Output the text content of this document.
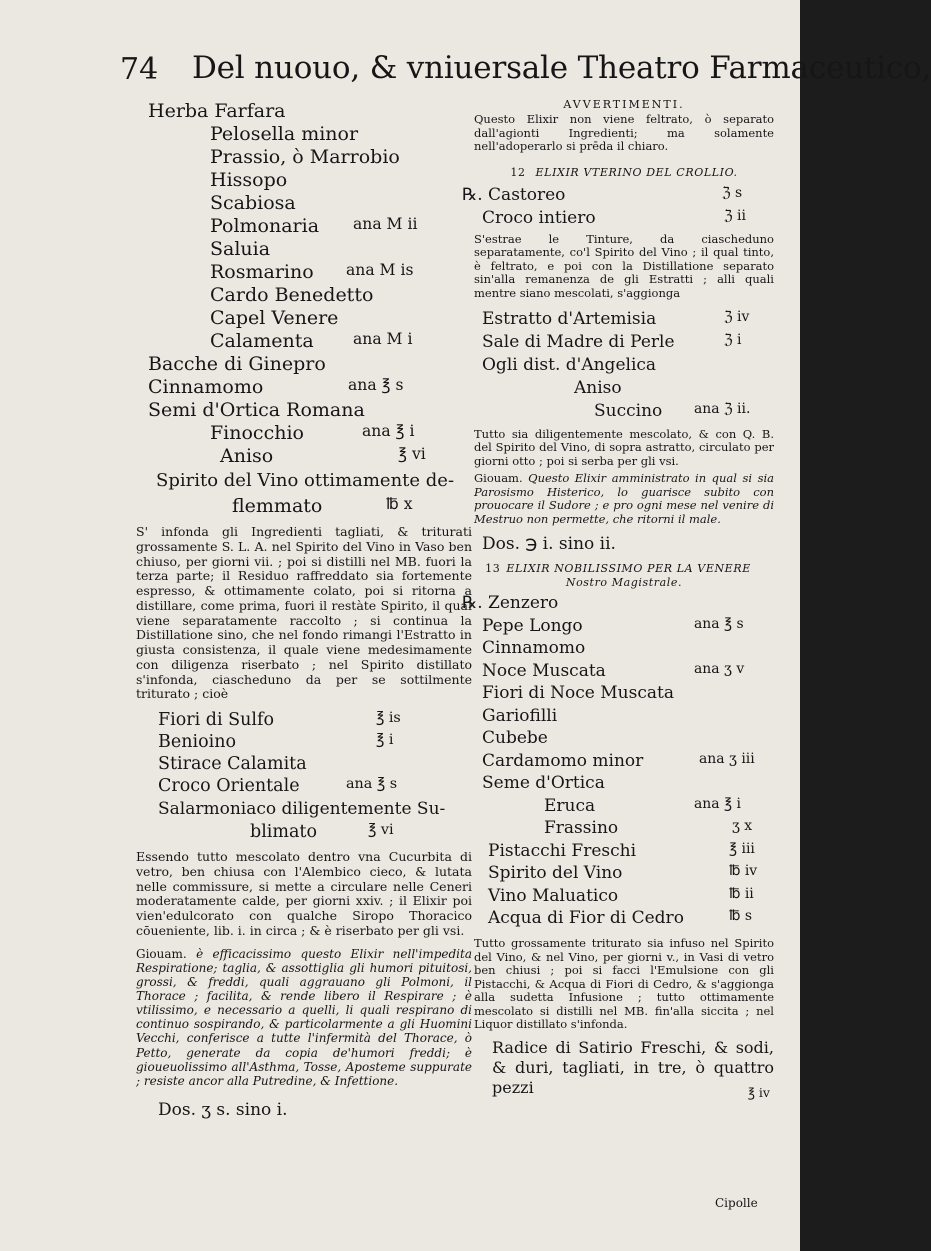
74 Del nuouo, & vniuersale Theatro Farmaceutico,
Herba Farfara
Pelosella minor
Prassio, ò Marrobio
Hissopo
Scabiosa
Polmonaria ana M ii
Saluia
Rosmarino ana M is
Cardo Benedetto
Capel Venere
Calamenta	ana M i
Bacche di Ginepro
Cinnamomo	ana ℥ s
Semi d'Ortica Romana
Finocchio	ana ℥ i
Aniso	℥ vi
Spirito del Vino ottimamente de-
flemmato	℔ x

S' infonda gli Ingredienti tagliati, & triturati grossamente S. L. A. nel Spirito del Vino in Vaso ben chiuso, per giorni vii. ; poi si distilli nel MB. fuori la terza parte; il Residuo raffreddato sia fortemente espresso, & ottimamente colato, poi si ritorna a distillare, come prima, fuori il restàte Spirito, il qual viene separatamente raccolto ; si continua la Distillatione sino, che nel fondo rimangi l'Estratto in giusta consistenza, il quale viene medesimamente con diligenza riserbato ; nel Spirito distillato s'infonda, ciascheduno da per se sottilmente triturato ; cioè

Fiori di Sulfo	℥ is
Benioino	℥ i
Stirace Calamita
Croco Orientale	ana ℥ s
Salarmoniaco diligentemente Su-
blimato	℥ vi

Essendo tutto mescolato dentro vna Cucurbita di vetro, ben chiusa con l'Alembico cieco, & lutata nelle commissure, si mette a circulare nelle Ceneri moderatamente calde, per giorni xxiv. ; il Elixir poi vien'edulcorato con qualche Siropo Thoracico cōueniente, lib. i. in circa ; & è riserbato per gli vsi.

Giouam. è efficacissimo questo Elixir nell'impedita Respiratione; taglia, & assottiglia gli humori pituitosi, grossi, & freddi, quali aggrauano gli Polmoni, il Thorace ; facilita, & rende libero il Respirare ; è vtilissimo, e necessario a quelli, li quali respirano di continuo sospirando, & particolarmente a gli Huomini Vecchi, conferisce a tutte l'infermità del Thorace, ò Petto, generate da copia de'humori freddi; è gioueuolissimo all'Asthma, Tosse, Aposteme suppurate ; resiste ancor alla Putredine, & Infettione.

Dos. ʒ s. sino i.
AVVERTIMENTI.

Questo Elixir non viene feltrato, ò separato dall'agionti Ingredienti; ma solamente nell'adoperarlo si prēda il chiaro.

12 ELIXIR VTERINO DEL CROLLIO.
℞. Castoreo	ℨ s
Croco intiero	ℨ ii

S'estrae le Tinture, da ciascheduno separatamente, co'l Spirito del Vino ; il qual tinto, è feltrato, e poi con la Distillatione separato sin'alla remanenza de gli Estratti ; alli quali mentre siano mescolati, s'aggionga

Estratto d'Artemisia	ℨ iv
Sale di Madre di Perle	ℨ i
Ogli dist. d'Angelica
Aniso
Succino ana ℨ ii.

Tutto sia diligentemente mescolato, & con Q. B. del Spirito del Vino, di sopra astratto, circulato per giorni otto ; poi si serba per gli vsi.

Giouam. Questo Elixir amministrato in qual si sia Parosismo Histerico, lo guarisce subito con prouocare il Sudore ; e pro ogni mese nel venire di Mestruo non permette, che ritorni il male.

Dos. ℈ i. sino ii.
13 ELIXIR NOBILISSIMO PER LA VENERE
Nostro Magistrale.
℞. Zenzero
Pepe Longo	ana ℥ s
Cinnamomo
Noce Muscata	ana ʒ v
Fiori di Noce Muscata
Gariofilli
Cubebe
Cardamomo minor	ana ʒ iii
Seme d'Ortica
Eruca	ana ℥ i
Frassino	ʒ x
Pistacchi Freschi	℥ iii
Spirito del Vino	℔ iv
Vino Maluatico	℔ ii
Acqua di Fior di Cedro	℔ s

Tutto grossamente triturato sia infuso nel Spirito del Vino, & nel Vino, per giorni v., in Vasi di vetro ben chiusi ; poi si facci l'Emulsione con gli Pistacchi, & Acqua di Fiori di Cedro, & s'aggionga alla sudetta Infusione ; tutto ottimamente mescolato si distilli nel MB. fin'alla siccita ; nel Liquor distillato s'infonda.

Radice di Satirio Freschi, & sodi, & duri, tagliati, in tre, ò quattro pezzi	℥ iv
Cipolle
